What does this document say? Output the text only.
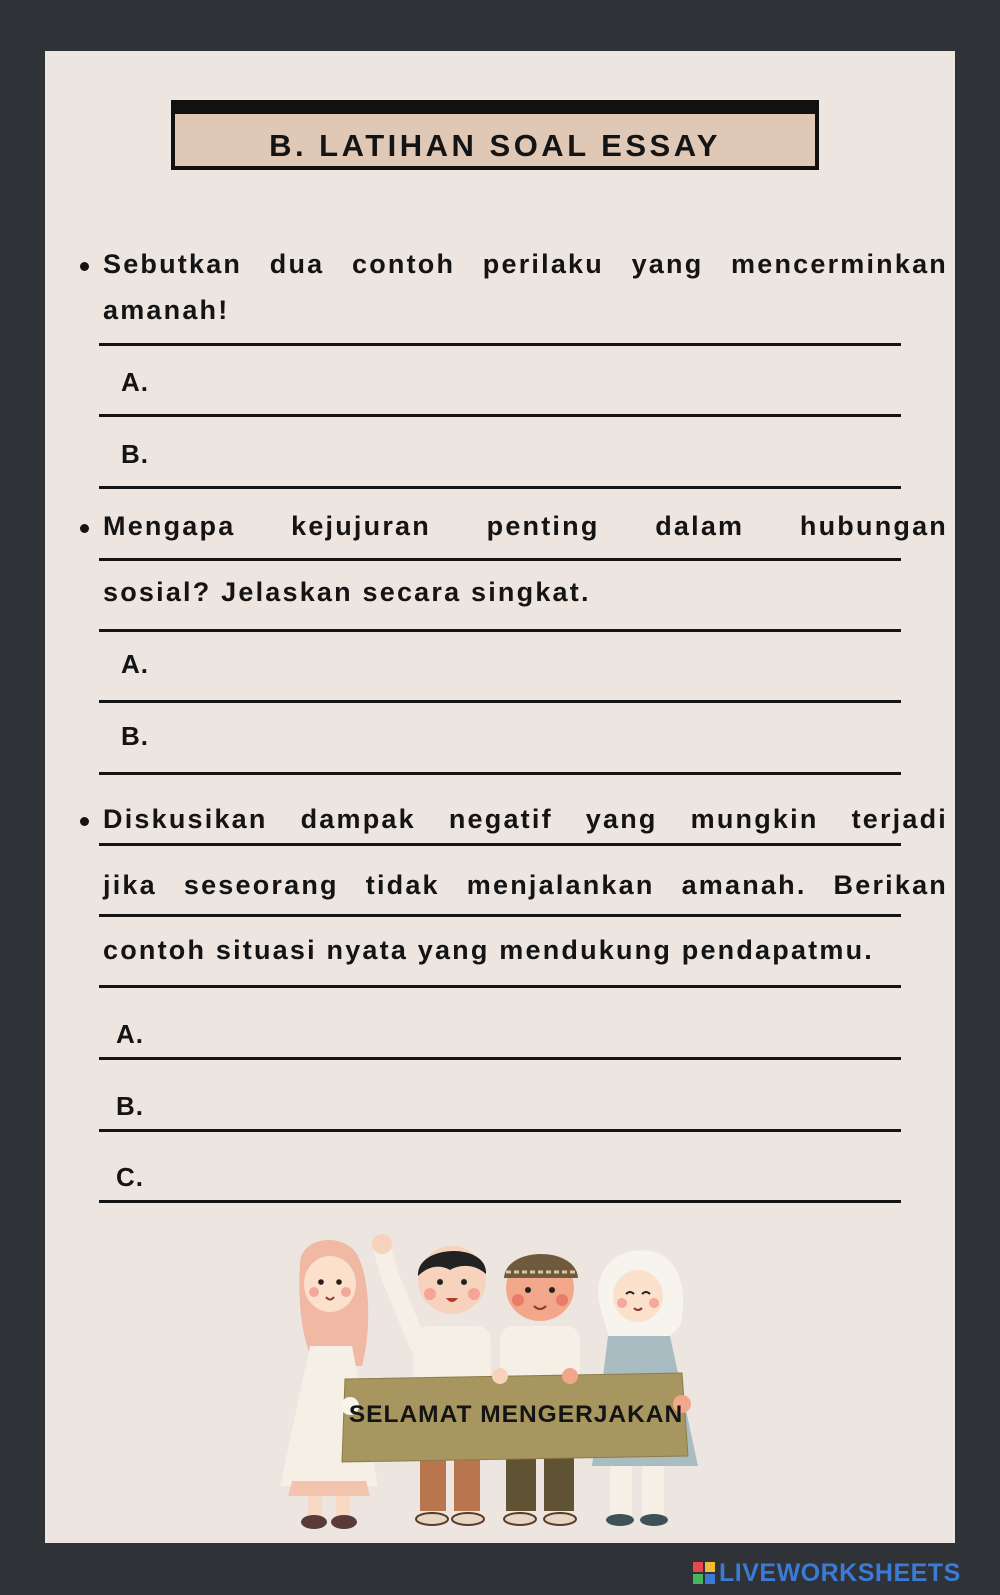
B. LATIHAN SOAL ESSAY
Sebutkan dua contoh perilaku yang mencerminkan
amanah!
A.
B.
Mengapa kejujuran penting dalam hubungan
sosial? Jelaskan secara singkat.
A.
B.
Diskusikan dampak negatif yang mungkin terjadi
jika seseorang tidak menjalankan amanah. Berikan
contoh situasi nyata yang mendukung pendapatmu.
A.
B.
C.
SELAMAT MENGERJAKAN
LIVEWORKSHEETS
